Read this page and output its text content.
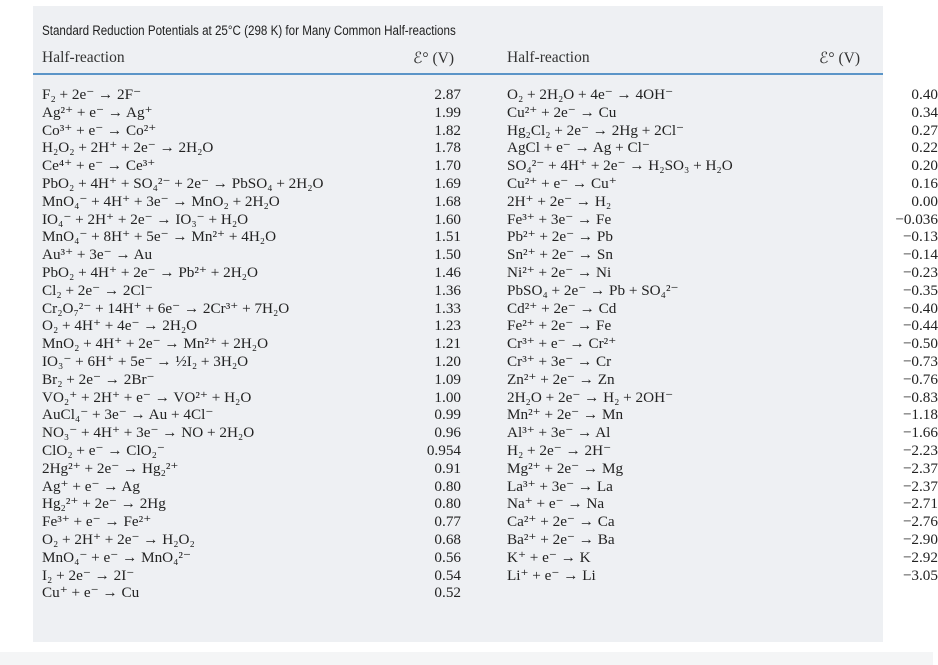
Standard Reduction Potentials at 25°C (298 K) for Many Common Half-reactions
Half-reaction	ℰ° (V)	Half-reaction	ℰ° (V)
F₂ + 2e⁻ → 2F⁻	2.87
Ag²⁺ + e⁻ → Ag⁺	1.99
Co³⁺ + e⁻ → Co²⁺	1.82
H₂O₂ + 2H⁺ + 2e⁻ → 2H₂O	1.78
Ce⁴⁺ + e⁻ → Ce³⁺	1.70
PbO₂ + 4H⁺ + SO₄²⁻ + 2e⁻ → PbSO₄ + 2H₂O	1.69
MnO₄⁻ + 4H⁺ + 3e⁻ → MnO₂ + 2H₂O	1.68
IO₄⁻ + 2H⁺ + 2e⁻ → IO₃⁻ + H₂O	1.60
MnO₄⁻ + 8H⁺ + 5e⁻ → Mn²⁺ + 4H₂O	1.51
Au³⁺ + 3e⁻ → Au	1.50
PbO₂ + 4H⁺ + 2e⁻ → Pb²⁺ + 2H₂O	1.46
Cl₂ + 2e⁻ → 2Cl⁻	1.36
Cr₂O₇²⁻ + 14H⁺ + 6e⁻ → 2Cr³⁺ + 7H₂O	1.33
O₂ + 4H⁺ + 4e⁻ → 2H₂O	1.23
MnO₂ + 4H⁺ + 2e⁻ → Mn²⁺ + 2H₂O	1.21
IO₃⁻ + 6H⁺ + 5e⁻ → ½I₂ + 3H₂O	1.20
Br₂ + 2e⁻ → 2Br⁻	1.09
VO₂⁺ + 2H⁺ + e⁻ → VO²⁺ + H₂O	1.00
AuCl₄⁻ + 3e⁻ → Au + 4Cl⁻	0.99
NO₃⁻ + 4H⁺ + 3e⁻ → NO + 2H₂O	0.96
ClO₂ + e⁻ → ClO₂⁻	0.954
2Hg²⁺ + 2e⁻ → Hg₂²⁺	0.91
Ag⁺ + e⁻ → Ag	0.80
Hg₂²⁺ + 2e⁻ → 2Hg	0.80
Fe³⁺ + e⁻ → Fe²⁺	0.77
O₂ + 2H⁺ + 2e⁻ → H₂O₂	0.68
MnO₄⁻ + e⁻ → MnO₄²⁻	0.56
I₂ + 2e⁻ → 2I⁻	0.54
Cu⁺ + e⁻ → Cu	0.52
O₂ + 2H₂O + 4e⁻ → 4OH⁻	0.40
Cu²⁺ + 2e⁻ → Cu	0.34
Hg₂Cl₂ + 2e⁻ → 2Hg + 2Cl⁻	0.27
AgCl + e⁻ → Ag + Cl⁻	0.22
SO₄²⁻ + 4H⁺ + 2e⁻ → H₂SO₃ + H₂O	0.20
Cu²⁺ + e⁻ → Cu⁺	0.16
2H⁺ + 2e⁻ → H₂	0.00
Fe³⁺ + 3e⁻ → Fe	−0.036
Pb²⁺ + 2e⁻ → Pb	−0.13
Sn²⁺ + 2e⁻ → Sn	−0.14
Ni²⁺ + 2e⁻ → Ni	−0.23
PbSO₄ + 2e⁻ → Pb + SO₄²⁻	−0.35
Cd²⁺ + 2e⁻ → Cd	−0.40
Fe²⁺ + 2e⁻ → Fe	−0.44
Cr³⁺ + e⁻ → Cr²⁺	−0.50
Cr³⁺ + 3e⁻ → Cr	−0.73
Zn²⁺ + 2e⁻ → Zn	−0.76
2H₂O + 2e⁻ → H₂ + 2OH⁻	−0.83
Mn²⁺ + 2e⁻ → Mn	−1.18
Al³⁺ + 3e⁻ → Al	−1.66
H₂ + 2e⁻ → 2H⁻	−2.23
Mg²⁺ + 2e⁻ → Mg	−2.37
La³⁺ + 3e⁻ → La	−2.37
Na⁺ + e⁻ → Na	−2.71
Ca²⁺ + 2e⁻ → Ca	−2.76
Ba²⁺ + 2e⁻ → Ba	−2.90
K⁺ + e⁻ → K	−2.92
Li⁺ + e⁻ → Li	−3.05
